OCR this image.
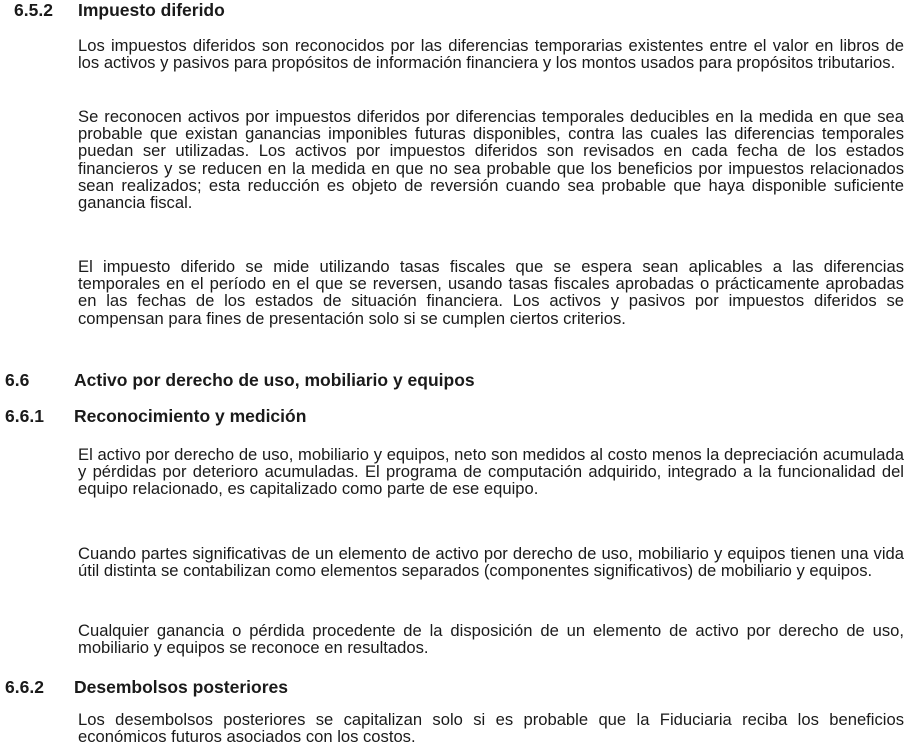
6.5.2 Impuesto diferido

Los impuestos diferidos son reconocidos por las diferencias temporarias existentes entre el valor en libros de los activos y pasivos para propósitos de información financiera y los montos usados para propósitos tributarios.

Se reconocen activos por impuestos diferidos por diferencias temporales deducibles en la medida en que sea probable que existan ganancias imponibles futuras disponibles, contra las cuales las diferencias temporales puedan ser utilizadas. Los activos por impuestos diferidos son revisados en cada fecha de los estados financieros y se reducen en la medida en que no sea probable que los beneficios por impuestos relacionados sean realizados; esta reducción es objeto de reversión cuando sea probable que haya disponible suficiente ganancia fiscal.

El impuesto diferido se mide utilizando tasas fiscales que se espera sean aplicables a las diferencias temporales en el período en el que se reversen, usando tasas fiscales aprobadas o prácticamente aprobadas en las fechas de los estados de situación financiera. Los activos y pasivos por impuestos diferidos se compensan para fines de presentación solo si se cumplen ciertos criterios.

6.6	Activo por derecho de uso, mobiliario y equipos
6.6.1 Reconocimiento y medición

El activo por derecho de uso, mobiliario y equipos, neto son medidos al costo menos la depreciación acumulada y pérdidas por deterioro acumuladas. El programa de computación adquirido, integrado a la funcionalidad del equipo relacionado, es capitalizado como parte de ese equipo.

Cuando partes significativas de un elemento de activo por derecho de uso, mobiliario y equipos tienen una vida útil distinta se contabilizan como elementos separados (componentes significativos) de mobiliario y equipos.

Cualquier ganancia o pérdida procedente de la disposición de un elemento de activo por derecho de uso, mobiliario y equipos se reconoce en resultados.

6.6.2 Desembolsos posteriores

Los desembolsos posteriores se capitalizan solo si es probable que la Fiduciaria reciba los beneficios económicos futuros asociados con los costos.
